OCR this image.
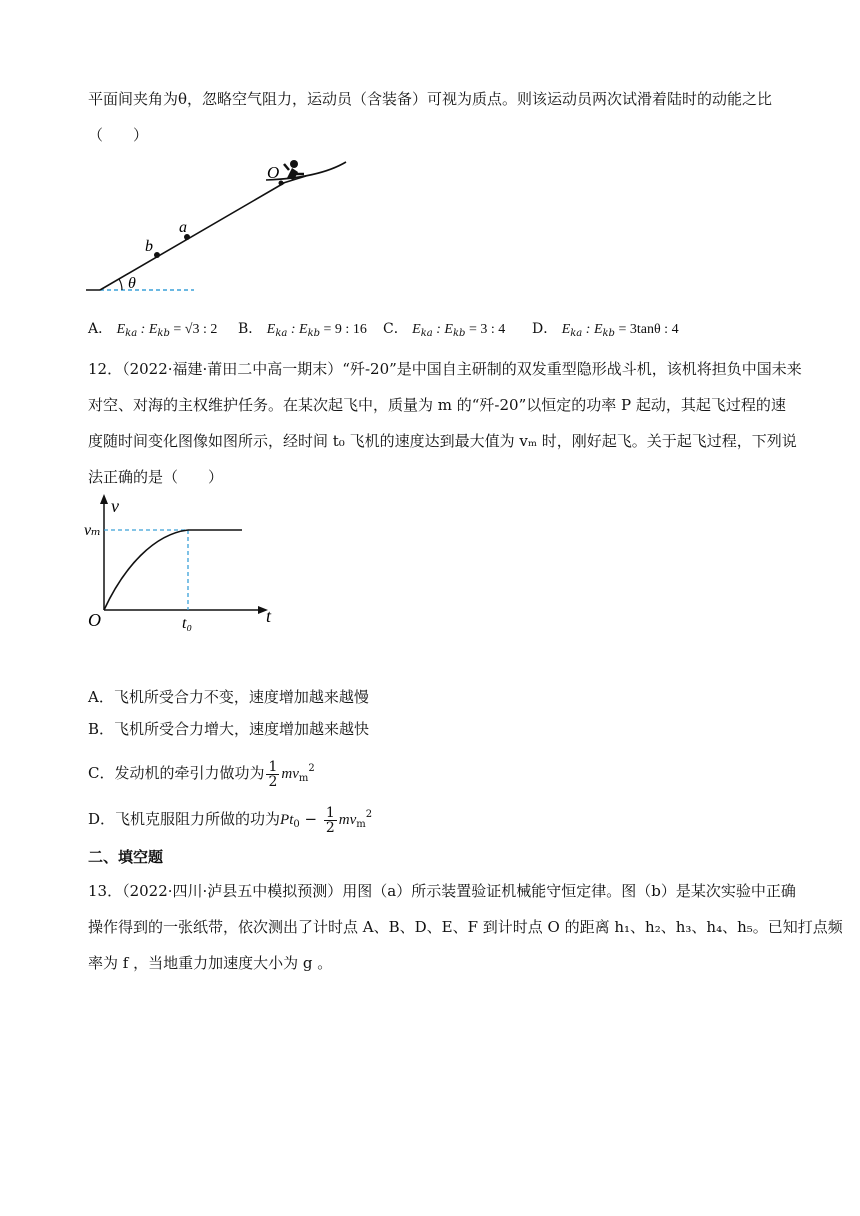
平面间夹角为θ，忽略空气阻力，运动员（含装备）可视为质点。则该运动员两次试滑着陆时的动能之比
（　　）
O
a
b
θ
A． $E_{ka}$ : $E_{kb} = √3$ : 2 B． $E_{ka}$ : $E_{kb} = 9$ : 16 C． $E_{ka}$ : $E_{kb} = 3$ : 4 D． $E_{ka}$ : $E_{kb} = 3\tan\theta$ : 4
12．（2022·福建·莆田二中高一期末）“歼-20”是中国自主研制的双发重型隐形战斗机，该机将担负中国未来
对空、对海的主权维护任务。在某次起飞中，质量为 m 的“歼-20”以恒定的功率 P 起动，其起飞过程的速
度随时间变化图像如图所示，经时间 t₀ 飞机的速度达到最大值为 vₘ 时，刚好起飞。关于起飞过程，下列说
法正确的是（　　）
v
t
O
vₘ
t₀
A．飞机所受合力不变，速度增加越来越慢
B．飞机所受合力增大，速度增加越来越快
C．发动机的牵引力做功为 $\frac{1}{2} mv_m^2$
D．飞机克服阻力所做的功为$Pt_0 - \frac{1}{2} mv_m^2$
二、填空题
13．（2022·四川·泸县五中模拟预测）用图（a）所示装置验证机械能守恒定律。图（b）是某次实验中正确
操作得到的一张纸带，依次测出了计时点 A、B、D、E、F 到计时点 O 的距离 h₁、h₂、h₃、h₄、h₅。已知打点频
率为 f ，当地重力加速度大小为 g 。
